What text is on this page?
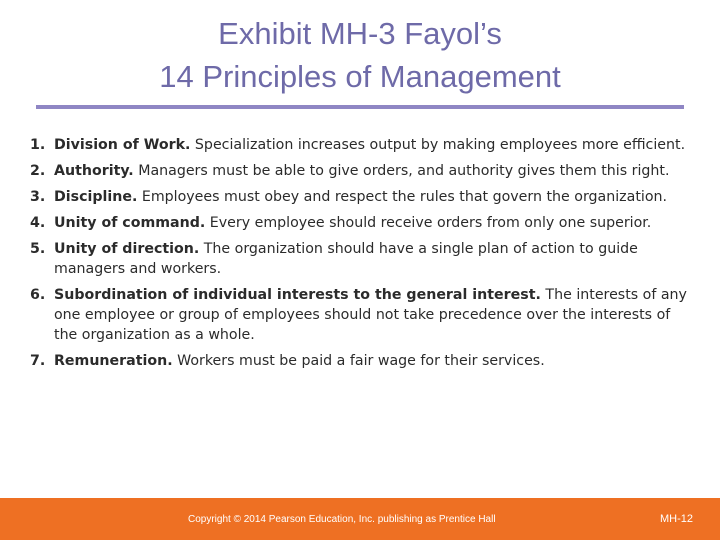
Exhibit MH-3 Fayol’s
14 Principles of Management
1. Division of Work. Specialization increases output by making employees more efficient.
2. Authority. Managers must be able to give orders, and authority gives them this right.
3. Discipline. Employees must obey and respect the rules that govern the organization.
4. Unity of command. Every employee should receive orders from only one superior.
5. Unity of direction. The organization should have a single plan of action to guide managers and workers.
6. Subordination of individual interests to the general interest. The interests of any one employee or group of employees should not take precedence over the interests of the organization as a whole.
7. Remuneration. Workers must be paid a fair wage for their services.
Copyright © 2014 Pearson Education, Inc. publishing as Prentice Hall	MH-12
